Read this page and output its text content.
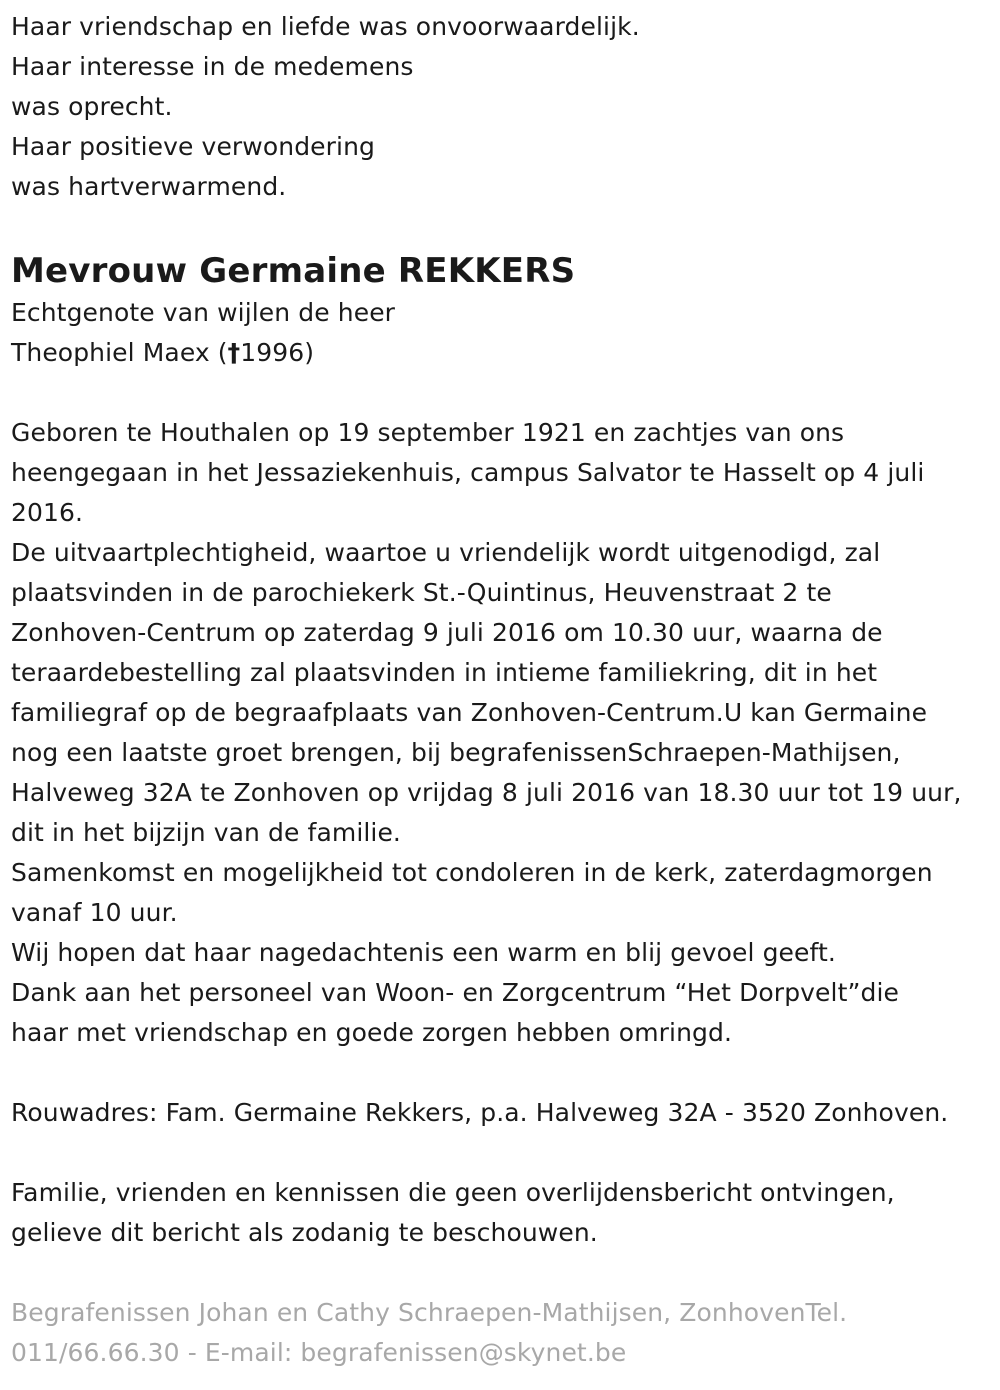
Haar vriendschap en liefde was onvoorwaardelijk.
Haar interesse in de medemens
was oprecht.
Haar positieve verwondering
was hartverwarmend.
Mevrouw Germaine REKKERS
Echtgenote van wijlen de heer
Theophiel Maex (†1996)
Geboren te Houthalen op 19 september 1921 en zachtjes van ons
heengegaan in het Jessaziekenhuis, campus Salvator te Hasselt op 4 juli
2016.
De uitvaartplechtigheid, waartoe u vriendelijk wordt uitgenodigd, zal
plaatsvinden in de parochiekerk St.-Quintinus, Heuvenstraat 2 te
Zonhoven-Centrum op zaterdag 9 juli 2016 om 10.30 uur, waarna de
teraardebestelling zal plaatsvinden in intieme familiekring, dit in het
familiegraf op de begraafplaats van Zonhoven-Centrum.U kan Germaine
nog een laatste groet brengen, bij begrafenissenSchraepen-Mathijsen,
Halveweg 32A te Zonhoven op vrijdag 8 juli 2016 van 18.30 uur tot 19 uur,
dit in het bijzijn van de familie.
Samenkomst en mogelijkheid tot condoleren in de kerk, zaterdagmorgen
vanaf 10 uur.
Wij hopen dat haar nagedachtenis een warm en blij gevoel geeft.
Dank aan het personeel van Woon- en Zorgcentrum “Het Dorpvelt”die
haar met vriendschap en goede zorgen hebben omringd.
Rouwadres: Fam. Germaine Rekkers, p.a. Halveweg 32A - 3520 Zonhoven.
Familie, vrienden en kennissen die geen overlijdensbericht ontvingen,
gelieve dit bericht als zodanig te beschouwen.
Begrafenissen Johan en Cathy Schraepen-Mathijsen, ZonhovenTel.
011/66.66.30 - E-mail: begrafenissen@skynet.be
